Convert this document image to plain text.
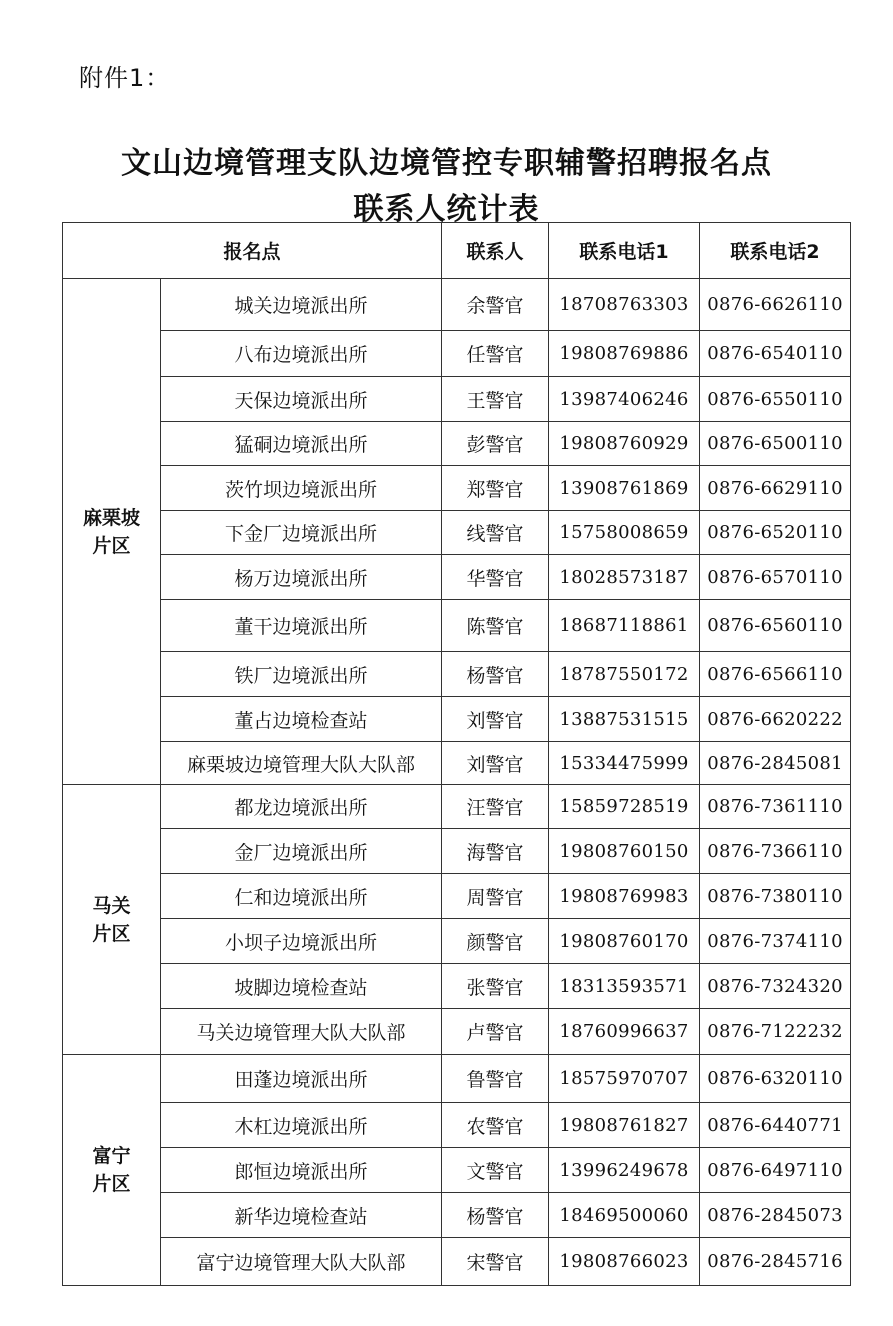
附件1：
文山边境管理支队边境管控专职辅警招聘报名点
联系人统计表
报名点		联系人	联系电话1	联系电话2

麻栗坡
片区	城关边境派出所	余警官	18708763303	0876-6626110
	八布边境派出所	任警官	19808769886	0876-6540110
	天保边境派出所	王警官	13987406246	0876-6550110
	猛硐边境派出所	彭警官	19808760929	0876-6500110
	茨竹坝边境派出所	郑警官	13908761869	0876-6629110
	下金厂边境派出所	线警官	15758008659	0876-6520110
	杨万边境派出所	华警官	18028573187	0876-6570110
	董干边境派出所	陈警官	18687118861	0876-6560110
	铁厂边境派出所	杨警官	18787550172	0876-6566110
	董占边境检查站	刘警官	13887531515	0876-6620222
	麻栗坡边境管理大队大队部	刘警官	15334475999	0876-2845081

马关
片区	都龙边境派出所	汪警官	15859728519	0876-7361110
	金厂边境派出所	海警官	19808760150	0876-7366110
	仁和边境派出所	周警官	19808769983	0876-7380110
	小坝子边境派出所	颜警官	19808760170	0876-7374110
	坡脚边境检查站	张警官	18313593571	0876-7324320
	马关边境管理大队大队部	卢警官	18760996637	0876-7122232

富宁
片区	田蓬边境派出所	鲁警官	18575970707	0876-6320110
	木杠边境派出所	农警官	19808761827	0876-6440771
	郎恒边境派出所	文警官	13996249678	0876-6497110
	新华边境检查站	杨警官	18469500060	0876-2845073
	富宁边境管理大队大队部	宋警官	19808766023	0876-2845716
